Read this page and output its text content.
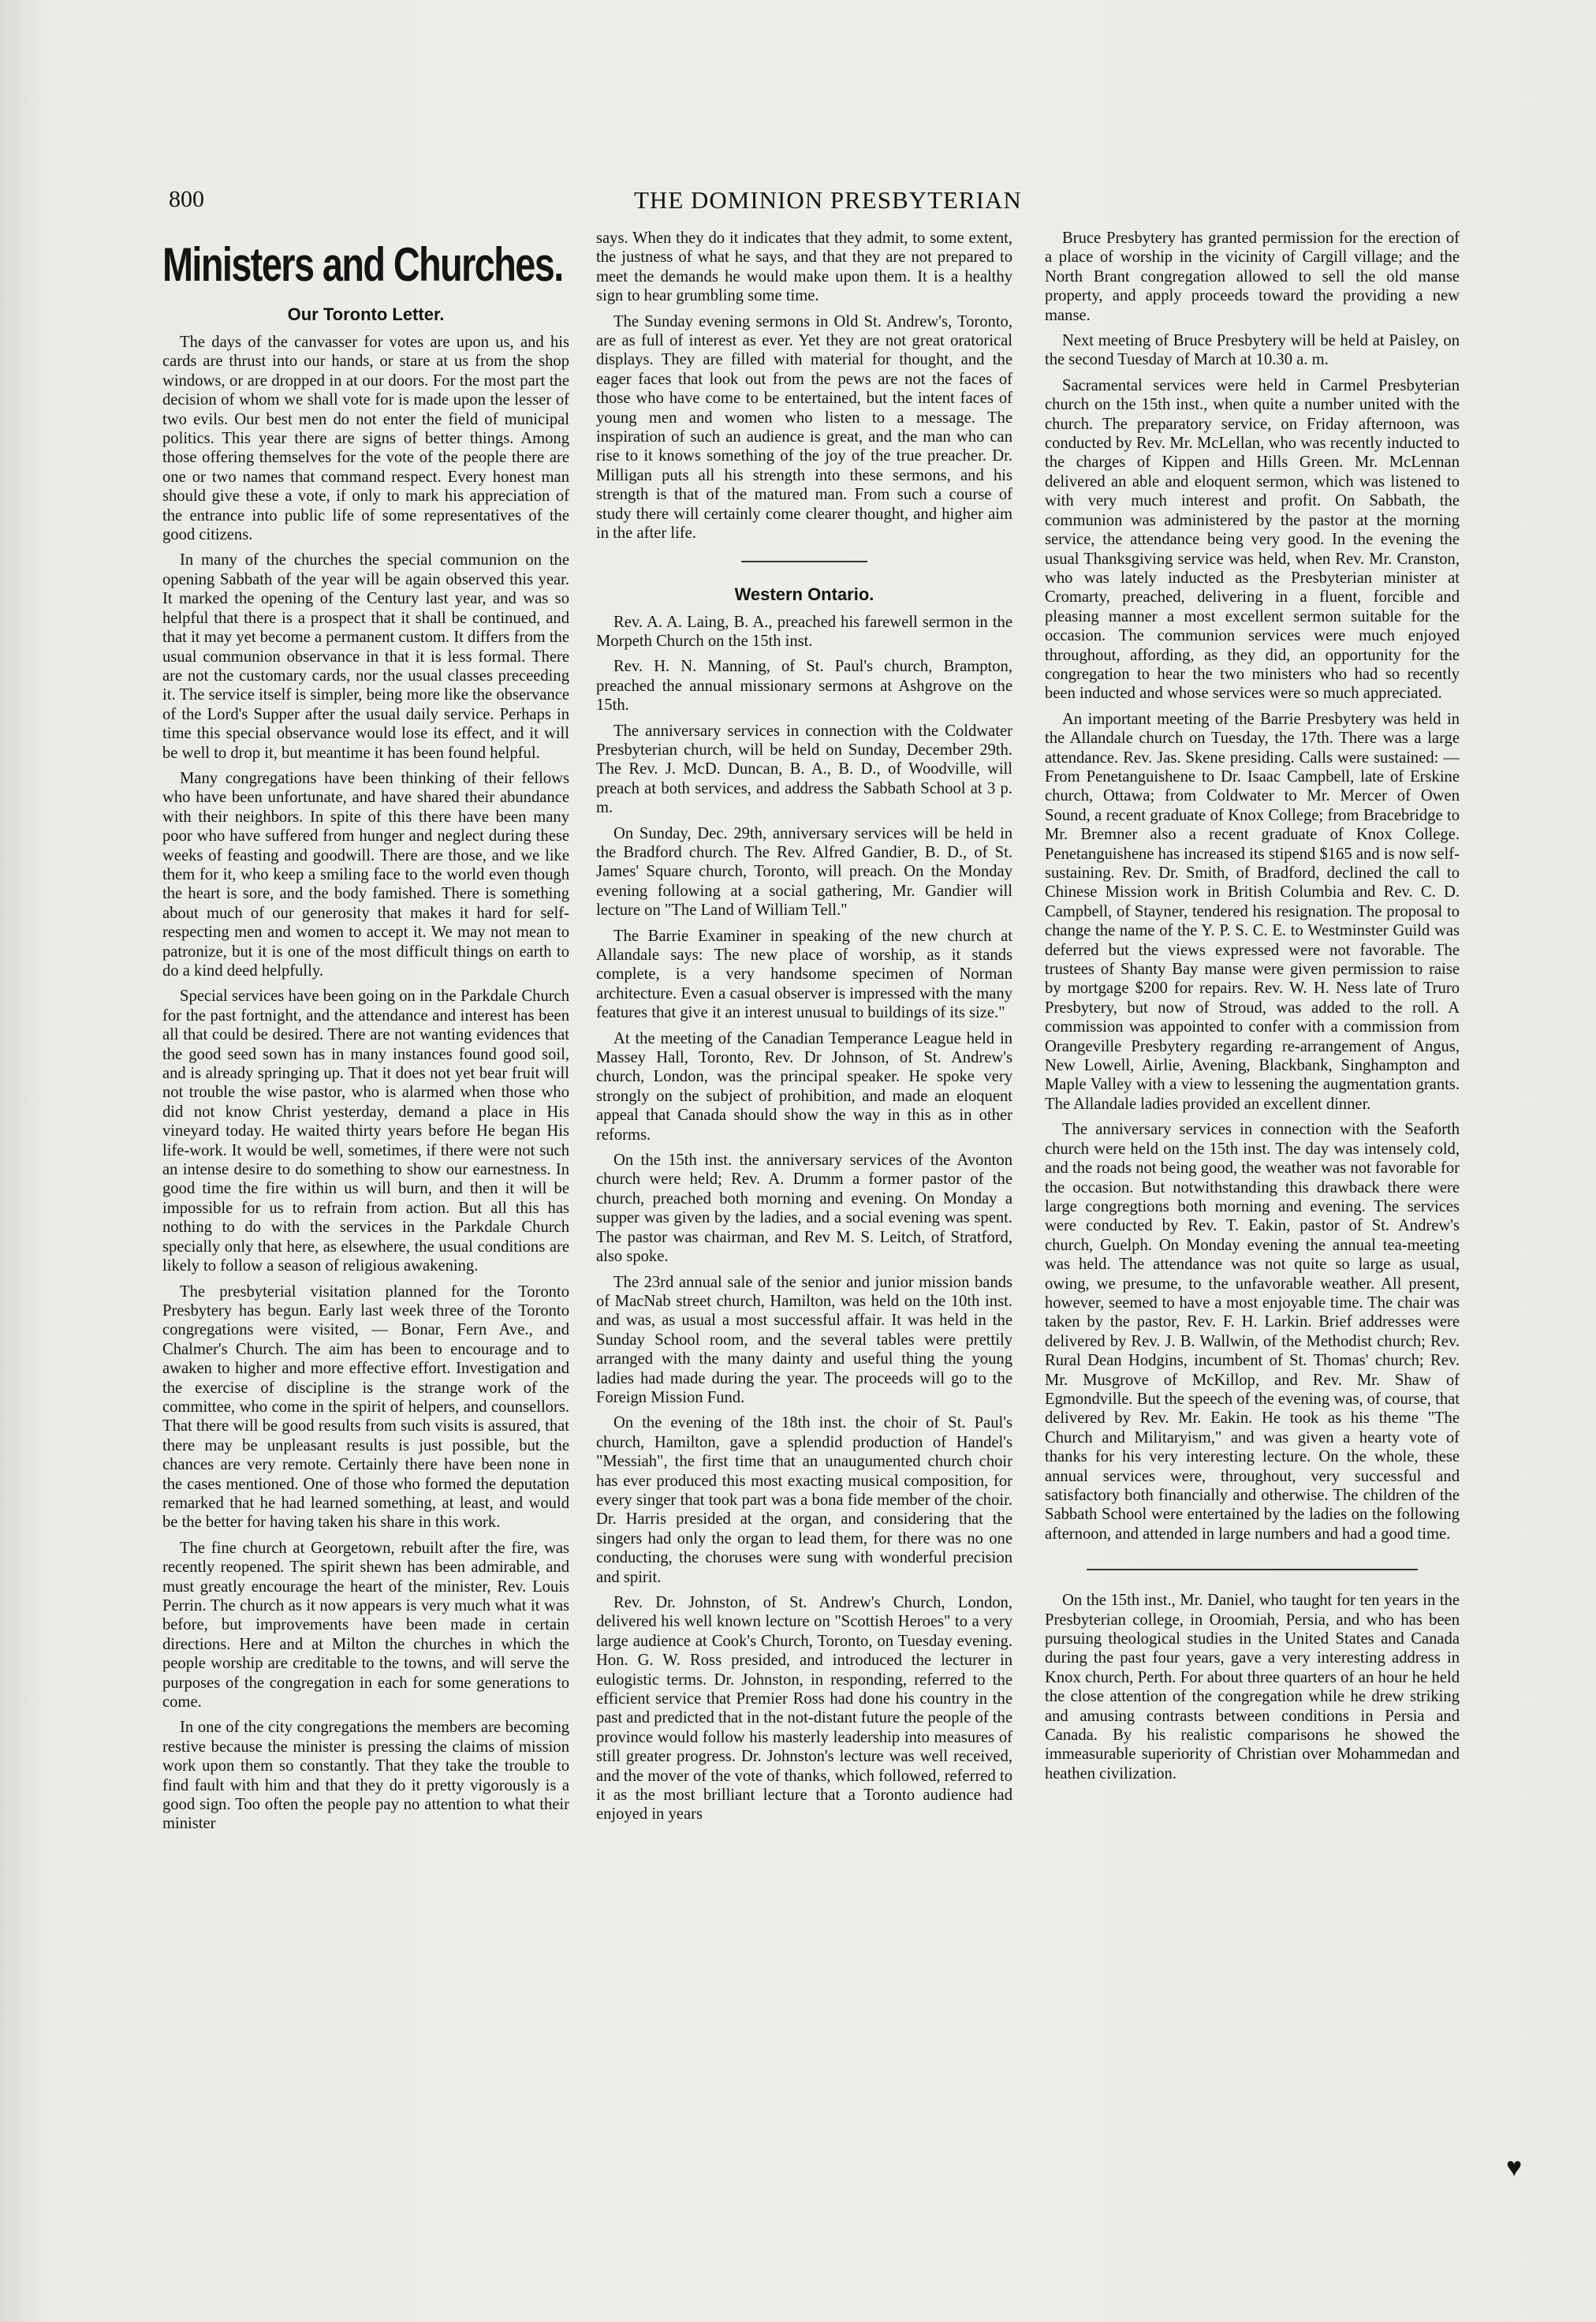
800	THE DOMINION PRESBYTERIAN
Ministers and Churches.
Our Toronto Letter.

The days of the canvasser for votes are upon us, and his cards are thrust into our hands, or stare at us from the shop windows, or are dropped in at our doors. For the most part the decision of whom we shall vote for is made upon the lesser of two evils. Our best men do not enter the field of municipal politics. This year there are signs of better things. Among those offering themselves for the vote of the people there are one or two names that command respect. Every honest man should give these a vote, if only to mark his appreciation of the entrance into public life of some representatives of the good citizens.

In many of the churches the special communion on the opening Sabbath of the year will be again observed this year. It marked the opening of the Century last year, and was so helpful that there is a prospect that it shall be continued, and that it may yet become a permanent custom. It differs from the usual communion observance in that it is less formal. There are not the customary cards, nor the usual classes preceeding it. The service itself is simpler, being more like the observance of the Lord's Supper after the usual daily service. Perhaps in time this special observance would lose its effect, and it will be well to drop it, but meantime it has been found helpful.

Many congregations have been thinking of their fellows who have been unfortunate, and have shared their abundance with their neighbors. In spite of this there have been many poor who have suffered from hunger and neglect during these weeks of feasting and goodwill. There are those, and we like them for it, who keep a smiling face to the world even though the heart is sore, and the body famished. There is something about much of our generosity that makes it hard for self-respecting men and women to accept it. We may not mean to patronize, but it is one of the most difficult things on earth to do a kind deed helpfully.

Special services have been going on in the Parkdale Church for the past fortnight, and the attendance and interest has been all that could be desired. There are not wanting evidences that the good seed sown has in many instances found good soil, and is already springing up. That it does not yet bear fruit will not trouble the wise pastor, who is alarmed when those who did not know Christ yesterday, demand a place in His vineyard today. He waited thirty years before He began His life-work. It would be well, sometimes, if there were not such an intense desire to do something to show our earnestness. In good time the fire within us will burn, and then it will be impossible for us to refrain from action. But all this has nothing to do with the services in the Parkdale Church specially only that here, as elsewhere, the usual conditions are likely to follow a season of religious awakening.

The presbyterial visitation planned for the Toronto Presbytery has begun. Early last week three of the Toronto congregations were visited, — Bonar, Fern Ave., and Chalmer's Church. The aim has been to encourage and to awaken to higher and more effective effort. Investigation and the exercise of discipline is the strange work of the committee, who come in the spirit of helpers, and counsellors. That there will be good results from such visits is assured, that there may be unpleasant results is just possible, but the chances are very remote. Certainly there have been none in the cases mentioned. One of those who formed the deputation remarked that he had learned something, at least, and would be the better for having taken his share in this work.

The fine church at Georgetown, rebuilt after the fire, was recently reopened. The spirit shewn has been admirable, and must greatly encourage the heart of the minister, Rev. Louis Perrin. The church as it now appears is very much what it was before, but improvements have been made in certain directions. Here and at Milton the churches in which the people worship are creditable to the towns, and will serve the purposes of the congregation in each for some generations to come.

In one of the city congregations the members are becoming restive because the minister is pressing the claims of mission work upon them so constantly. That they take the trouble to find fault with him and that they do it pretty vigorously is a good sign. Too often the people pay no attention to what their minister

says. When they do it indicates that they admit, to some extent, the justness of what he says, and that they are not prepared to meet the demands he would make upon them. It is a healthy sign to hear grumbling some time.

The Sunday evening sermons in Old St. Andrew's, Toronto, are as full of interest as ever. Yet they are not great oratorical displays. They are filled with material for thought, and the eager faces that look out from the pews are not the faces of those who have come to be entertained, but the intent faces of young men and women who listen to a message. The inspiration of such an audience is great, and the man who can rise to it knows something of the joy of the true preacher. Dr. Milligan puts all his strength into these sermons, and his strength is that of the matured man. From such a course of study there will certainly come clearer thought, and higher aim in the after life.

Western Ontario.

Rev. A. A. Laing, B. A., preached his farewell sermon in the Morpeth Church on the 15th inst.

Rev. H. N. Manning, of St. Paul's church, Brampton, preached the annual missionary sermons at Ashgrove on the 15th.

The anniversary services in connection with the Coldwater Presbyterian church, will be held on Sunday, December 29th. The Rev. J. McD. Duncan, B. A., B. D., of Woodville, will preach at both services, and address the Sabbath School at 3 p. m.

On Sunday, Dec. 29th, anniversary services will be held in the Bradford church. The Rev. Alfred Gandier, B. D., of St. James' Square church, Toronto, will preach. On the Monday evening following at a social gathering, Mr. Gandier will lecture on "The Land of William Tell."

The Barrie Examiner in speaking of the new church at Allandale says: The new place of worship, as it stands complete, is a very handsome specimen of Norman architecture. Even a casual observer is impressed with the many features that give it an interest unusual to buildings of its size."

At the meeting of the Canadian Temperance League held in Massey Hall, Toronto, Rev. Dr Johnson, of St. Andrew's church, London, was the principal speaker. He spoke very strongly on the subject of prohibition, and made an eloquent appeal that Canada should show the way in this as in other reforms.

On the 15th inst. the anniversary services of the Avonton church were held; Rev. A. Drumm a former pastor of the church, preached both morning and evening. On Monday a supper was given by the ladies, and a social evening was spent. The pastor was chairman, and Rev M. S. Leitch, of Stratford, also spoke.

The 23rd annual sale of the senior and junior mission bands of MacNab street church, Hamilton, was held on the 10th inst. and was, as usual a most successful affair. It was held in the Sunday School room, and the several tables were prettily arranged with the many dainty and useful thing the young ladies had made during the year. The proceeds will go to the Foreign Mission Fund.

On the evening of the 18th inst. the choir of St. Paul's church, Hamilton, gave a splendid production of Handel's "Messiah", the first time that an unaugumented church choir has ever produced this most exacting musical composition, for every singer that took part was a bona fide member of the choir. Dr. Harris presided at the organ, and considering that the singers had only the organ to lead them, for there was no one conducting, the choruses were sung with wonderful precision and spirit.

Rev. Dr. Johnston, of St. Andrew's Church, London, delivered his well known lecture on "Scottish Heroes" to a very large audience at Cook's Church, Toronto, on Tuesday evening. Hon. G. W. Ross presided, and introduced the lecturer in eulogistic terms. Dr. Johnston, in responding, referred to the efficient service that Premier Ross had done his country in the past and predicted that in the not-distant future the people of the province would follow his masterly leadership into measures of still greater progress. Dr. Johnston's lecture was well received, and the mover of the vote of thanks, which followed, referred to it as the most brilliant lecture that a Toronto audience had enjoyed in years

Bruce Presbytery has granted permission for the erection of a place of worship in the vicinity of Cargill village; and the North Brant congregation allowed to sell the old manse property, and apply proceeds toward the providing a new manse.

Next meeting of Bruce Presbytery will be held at Paisley, on the second Tuesday of March at 10.30 a. m.

Sacramental services were held in Carmel Presbyterian church on the 15th inst., when quite a number united with the church. The preparatory service, on Friday afternoon, was conducted by Rev. Mr. McLellan, who was recently inducted to the charges of Kippen and Hills Green. Mr. McLennan delivered an able and eloquent sermon, which was listened to with very much interest and profit. On Sabbath, the communion was administered by the pastor at the morning service, the attendance being very good. In the evening the usual Thanksgiving service was held, when Rev. Mr. Cranston, who was lately inducted as the Presbyterian minister at Cromarty, preached, delivering in a fluent, forcible and pleasing manner a most excellent sermon suitable for the occasion. The communion services were much enjoyed throughout, affording, as they did, an opportunity for the congregation to hear the two ministers who had so recently been inducted and whose services were so much appreciated.

An important meeting of the Barrie Presbytery was held in the Allandale church on Tuesday, the 17th. There was a large attendance. Rev. Jas. Skene presiding. Calls were sustained: — From Penetanguishene to Dr. Isaac Campbell, late of Erskine church, Ottawa; from Coldwater to Mr. Mercer of Owen Sound, a recent graduate of Knox College; from Bracebridge to Mr. Bremner also a recent graduate of Knox College. Penetanguishene has increased its stipend $165 and is now self-sustaining. Rev. Dr. Smith, of Bradford, declined the call to Chinese Mission work in British Columbia and Rev. C. D. Campbell, of Stayner, tendered his resignation. The proposal to change the name of the Y. P. S. C. E. to Westminster Guild was deferred but the views expressed were not favorable. The trustees of Shanty Bay manse were given permission to raise by mortgage $200 for repairs. Rev. W. H. Ness late of Truro Presbytery, but now of Stroud, was added to the roll. A commission was appointed to confer with a commission from Orangeville Presbytery regarding re-arrangement of Angus, New Lowell, Airlie, Avening, Blackbank, Singhampton and Maple Valley with a view to lessening the augmentation grants. The Allandale ladies provided an excellent dinner.

The anniversary services in connection with the Seaforth church were held on the 15th inst. The day was intensely cold, and the roads not being good, the weather was not favorable for the occasion. But notwithstanding this drawback there were large congregtions both morning and evening. The services were conducted by Rev. T. Eakin, pastor of St. Andrew's church, Guelph. On Monday evening the annual tea-meeting was held. The attendance was not quite so large as usual, owing, we presume, to the unfavorable weather. All present, however, seemed to have a most enjoyable time. The chair was taken by the pastor, Rev. F. H. Larkin. Brief addresses were delivered by Rev. J. B. Wallwin, of the Methodist church; Rev. Rural Dean Hodgins, incumbent of St. Thomas' church; Rev. Mr. Musgrove of McKillop, and Rev. Mr. Shaw of Egmondville. But the speech of the evening was, of course, that delivered by Rev. Mr. Eakin. He took as his theme "The Church and Militaryism," and was given a hearty vote of thanks for his very interesting lecture. On the whole, these annual services were, throughout, very successful and satisfactory both financially and otherwise. The children of the Sabbath School were entertained by the ladies on the following afternoon, and attended in large numbers and had a good time.

On the 15th inst., Mr. Daniel, who taught for ten years in the Presbyterian college, in Oroomiah, Persia, and who has been pursuing theological studies in the United States and Canada during the past four years, gave a very interesting address in Knox church, Perth. For about three quarters of an hour he held the close attention of the congregation while he drew striking and amusing contrasts between conditions in Persia and Canada. By his realistic comparisons he showed the immeasurable superiority of Christian over Mohammedan and heathen civilization.

♥
